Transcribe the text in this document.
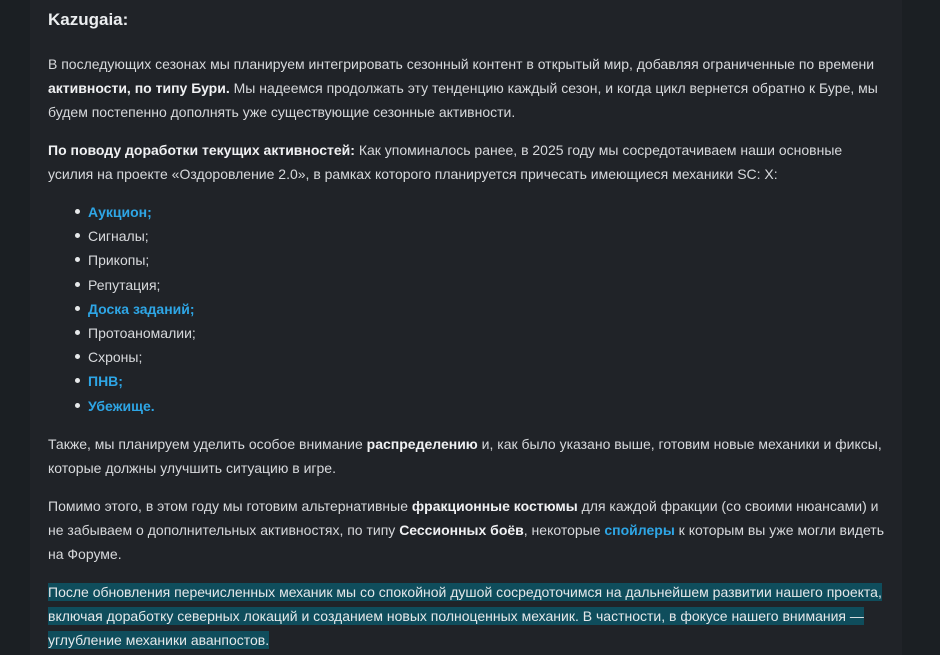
Kazugaia:

В последующих сезонах мы планируем интегрировать сезонный контент в открытый мир, добавляя ограниченные по времени активности, по типу Бури. Мы надеемся продолжать эту тенденцию каждый сезон, и когда цикл вернется обратно к Буре, мы будем постепенно дополнять уже существующие сезонные активности.

По поводу доработки текущих активностей: Как упоминалось ранее, в 2025 году мы сосредотачиваем наши основные усилия на проекте «Оздоровление 2.0», в рамках которого планируется причесать имеющиеся механики SC: X:

Аукцион;
Сигналы;
Прикопы;
Репутация;
Доска заданий;
Протоаномалии;
Схроны;
ПНВ;
Убежище.

Также, мы планируем уделить особое внимание распределению и, как было указано выше, готовим новые механики и фиксы, которые должны улучшить ситуацию в игре.

Помимо этого, в этом году мы готовим альтернативные фракционные костюмы для каждой фракции (со своими нюансами) и не забываем о дополнительных активностях, по типу Сессионных боёв, некоторые спойлеры к которым вы уже могли видеть на Форуме.

После обновления перечисленных механик мы со спокойной душой сосредоточимся на дальнейшем развитии нашего проекта, включая доработку северных локаций и созданием новых полноценных механик. В частности, в фокусе нашего внимания — углубление механики аванпостов.
